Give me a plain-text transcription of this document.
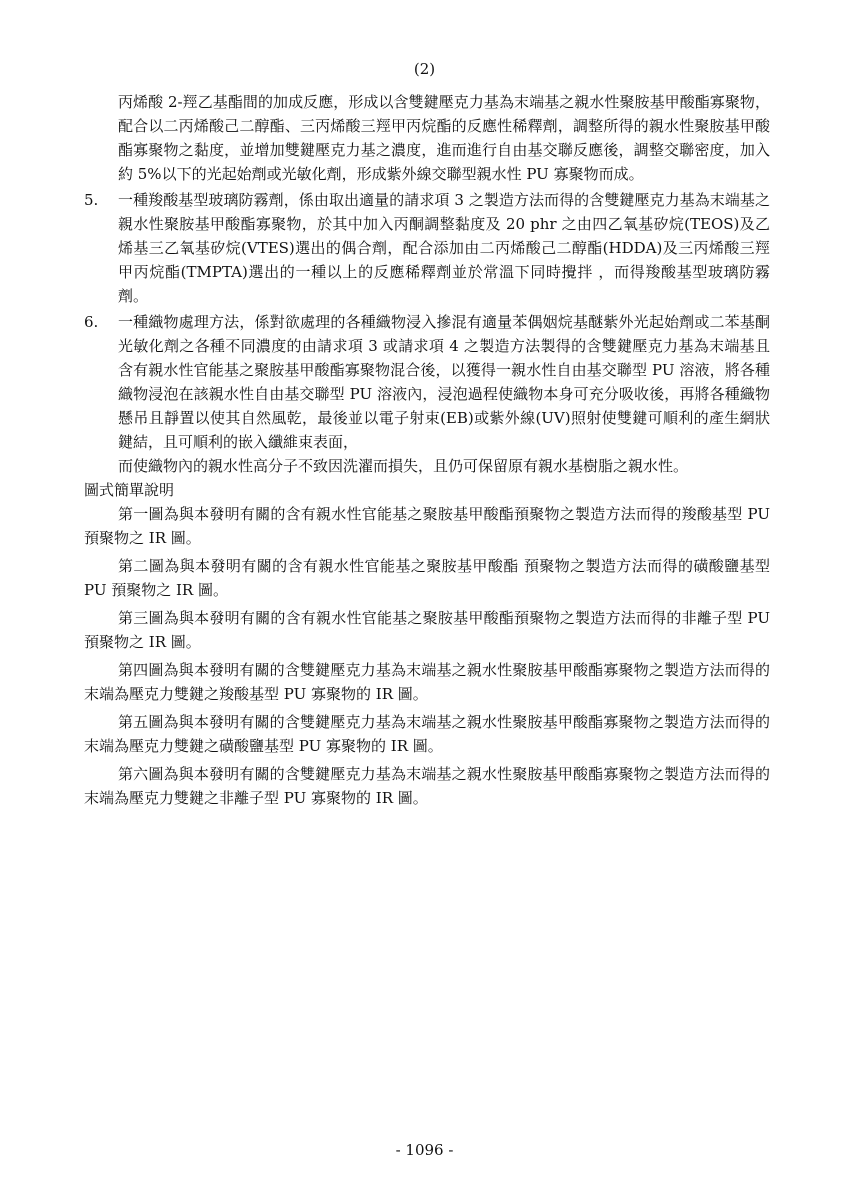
(2)
丙烯酸 2-羥乙基酯間的加成反應，形成以含雙鍵壓克力基為末端基之親水性聚胺基甲酸酯寡聚物，配合以二丙烯酸己二醇酯、三丙烯酸三羥甲丙烷酯的反應性稀釋劑，調整所得的親水性聚胺基甲酸酯寡聚物之黏度，並增加雙鍵壓克力基之濃度，進而進行自由基交聯反應後，調整交聯密度，加入約 5%以下的光起始劑或光敏化劑，形成紫外線交聯型親水性 PU 寡聚物而成。
5.	一種羧酸基型玻璃防霧劑，係由取出適量的請求項 3 之製造方法而得的含雙鍵壓克力基為末端基之親水性聚胺基甲酸酯寡聚物，於其中加入丙酮調整黏度及 20 phr 之由四乙氧基矽烷(TEOS)及乙烯基三乙氧基矽烷(VTES)選出的偶合劑，配合添加由二丙烯酸己二醇酯(HDDA)及三丙烯酸三羥甲丙烷酯(TMPTA)選出的一種以上的反應稀釋劑並於常溫下同時攪拌 ，而得羧酸基型玻璃防霧劑。
6.	一種織物處理方法，係對欲處理的各種織物浸入摻混有適量苯偶姻烷基醚紫外光起始劑或二苯基酮光敏化劑之各種不同濃度的由請求項 3 或請求項 4 之製造方法製得的含雙鍵壓克力基為末端基且含有親水性官能基之聚胺基甲酸酯寡聚物混合後，以獲得一親水性自由基交聯型 PU 溶液，將各種織物浸泡在該親水性自由基交聯型 PU 溶液內，浸泡過程使織物本身可充分吸收後，再將各種織物懸吊且靜置以使其自然風乾，最後並以電子射束(EB)或紫外線(UV)照射使雙鍵可順利的產生網狀鍵結，且可順利的嵌入纖維束表面，
而使織物內的親水性高分子不致因洗濯而損失，且仍可保留原有親水基樹脂之親水性。
圖式簡單說明

第一圖為與本發明有關的含有親水性官能基之聚胺基甲酸酯預聚物之製造方法而得的羧酸基型 PU 預聚物之 IR 圖。

第二圖為與本發明有關的含有親水性官能基之聚胺基甲酸酯 預聚物之製造方法而得的磺酸鹽基型 PU 預聚物之 IR 圖。

第三圖為與本發明有關的含有親水性官能基之聚胺基甲酸酯預聚物之製造方法而得的非離子型 PU 預聚物之 IR 圖。

第四圖為與本發明有關的含雙鍵壓克力基為末端基之親水性聚胺基甲酸酯寡聚物之製造方法而得的末端為壓克力雙鍵之羧酸基型 PU 寡聚物的 IR 圖。

第五圖為與本發明有關的含雙鍵壓克力基為末端基之親水性聚胺基甲酸酯寡聚物之製造方法而得的末端為壓克力雙鍵之磺酸鹽基型 PU 寡聚物的 IR 圖。

第六圖為與本發明有關的含雙鍵壓克力基為末端基之親水性聚胺基甲酸酯寡聚物之製造方法而得的末端為壓克力雙鍵之非離子型 PU 寡聚物的 IR 圖。

- 1096 -
